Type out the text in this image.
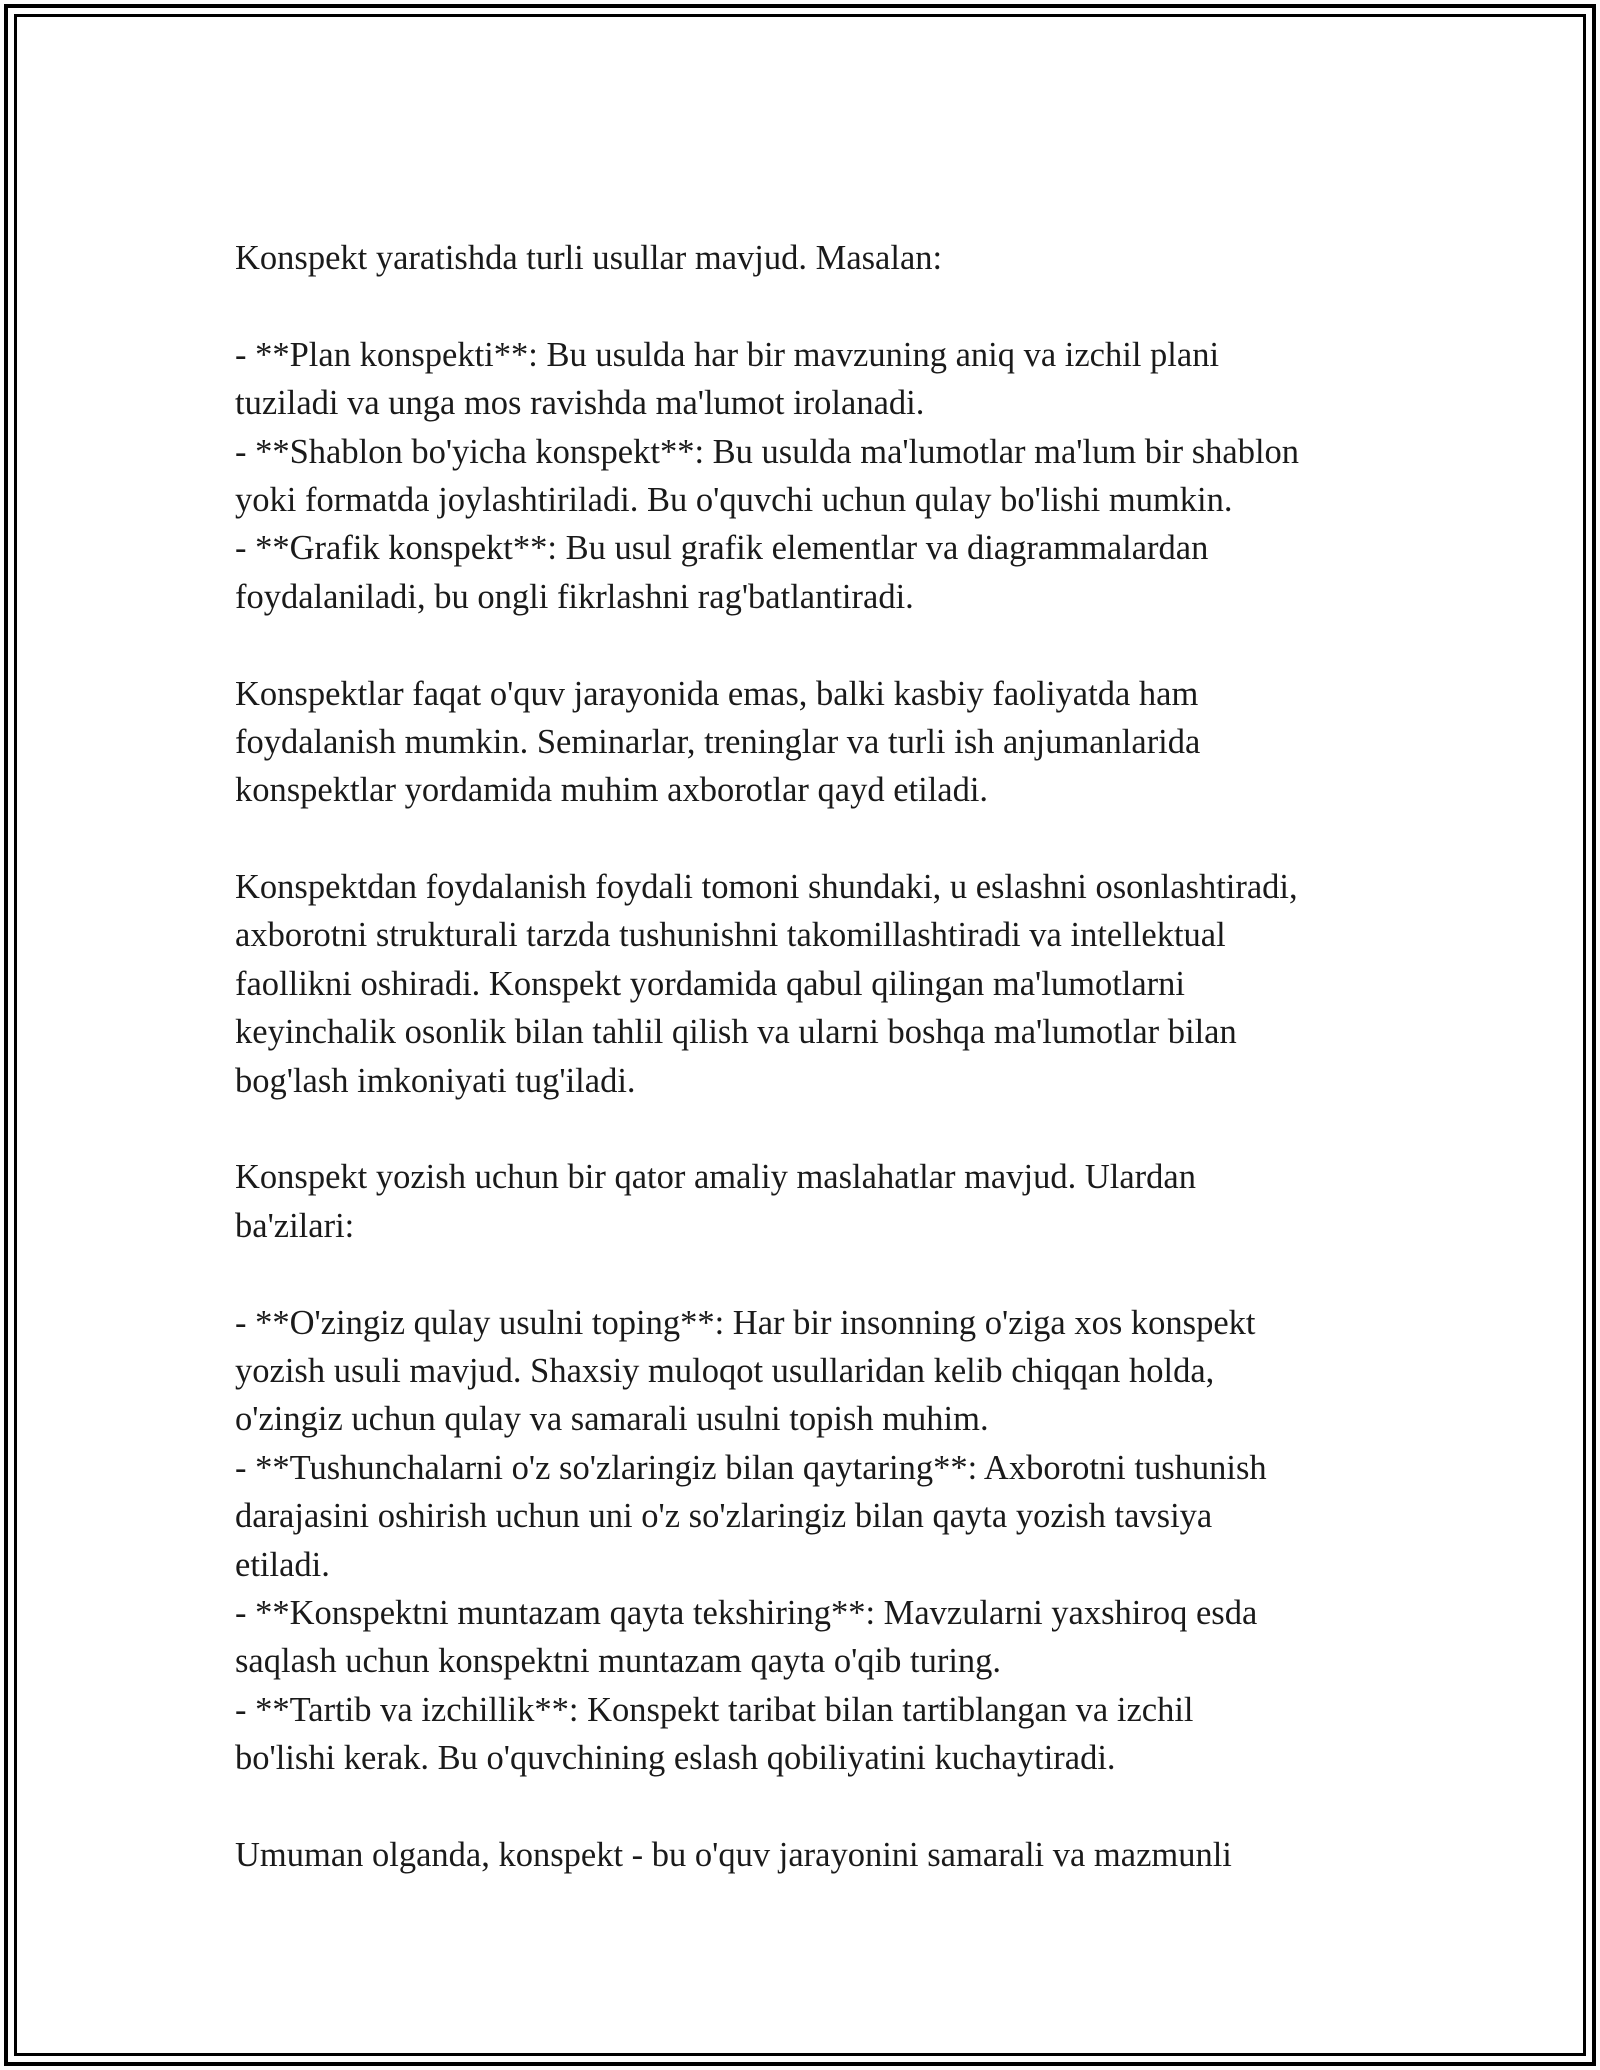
Konspekt yaratishda turli usullar mavjud. Masalan:
- **Plan konspekti**: Bu usulda har bir mavzuning aniq va izchil plani
tuziladi va unga mos ravishda ma'lumot irolanadi.
- **Shablon bo'yicha konspekt**: Bu usulda ma'lumotlar ma'lum bir shablon
yoki formatda joylashtiriladi. Bu o'quvchi uchun qulay bo'lishi mumkin.
- **Grafik konspekt**: Bu usul grafik elementlar va diagrammalardan
foydalaniladi, bu ongli fikrlashni rag'batlantiradi.
Konspektlar faqat o'quv jarayonida emas, balki kasbiy faoliyatda ham
foydalanish mumkin. Seminarlar, treninglar va turli ish anjumanlarida
konspektlar yordamida muhim axborotlar qayd etiladi.
Konspektdan foydalanish foydali tomoni shundaki, u eslashni osonlashtiradi,
axborotni strukturali tarzda tushunishni takomillashtiradi va intellektual
faollikni oshiradi. Konspekt yordamida qabul qilingan ma'lumotlarni
keyinchalik osonlik bilan tahlil qilish va ularni boshqa ma'lumotlar bilan
bog'lash imkoniyati tug'iladi.
Konspekt yozish uchun bir qator amaliy maslahatlar mavjud. Ulardan
ba'zilari:
- **O'zingiz qulay usulni toping**: Har bir insonning o'ziga xos konspekt
yozish usuli mavjud. Shaxsiy muloqot usullaridan kelib chiqqan holda,
o'zingiz uchun qulay va samarali usulni topish muhim.
- **Tushunchalarni o'z so'zlaringiz bilan qaytaring**: Axborotni tushunish
darajasini oshirish uchun uni o'z so'zlaringiz bilan qayta yozish tavsiya
etiladi.
- **Konspektni muntazam qayta tekshiring**: Mavzularni yaxshiroq esda
saqlash uchun konspektni muntazam qayta o'qib turing.
- **Tartib va izchillik**: Konspekt taribat bilan tartiblangan va izchil
bo'lishi kerak. Bu o'quvchining eslash qobiliyatini kuchaytiradi.
Umuman olganda, konspekt - bu o'quv jarayonini samarali va mazmunli
